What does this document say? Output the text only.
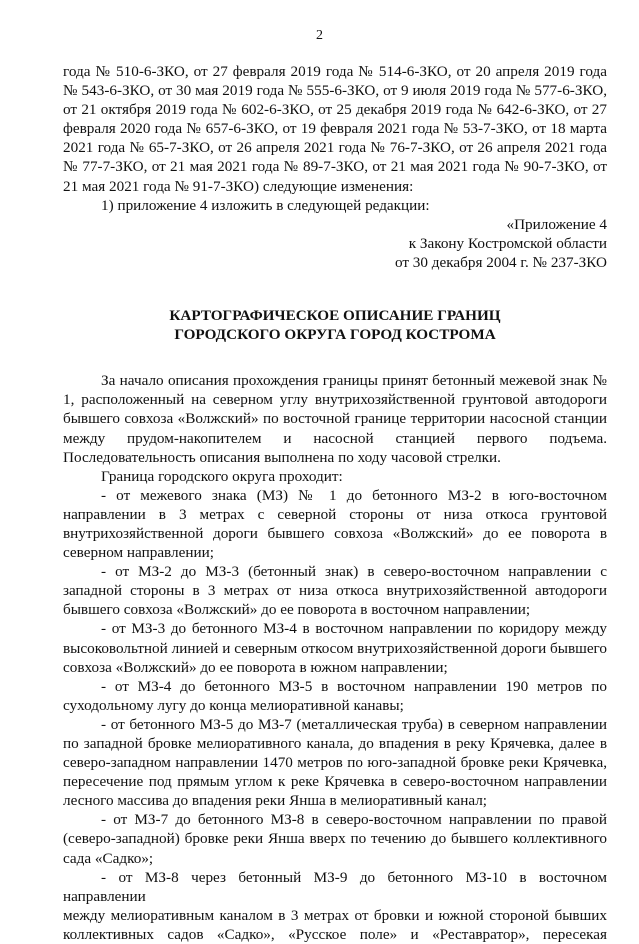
2

года № 510-6-ЗКО, от 27 февраля 2019 года № 514-6-ЗКО, от 20 апреля 2019 года

№ 543-6-ЗКО, от 30 мая 2019 года № 555-6-ЗКО, от 9 июля 2019 года № 577-6-ЗКО,

от 21 октября 2019 года № 602-6-ЗКО, от 25 декабря 2019 года № 642-6-ЗКО, от 27

февраля 2020 года № 657-6-ЗКО, от 19 февраля 2021 года № 53-7-ЗКО, от 18 марта

2021 года № 65-7-ЗКО, от 26 апреля 2021 года № 76-7-ЗКО, от 26 апреля 2021 года

№ 77-7-ЗКО, от 21 мая 2021 года № 89-7-ЗКО, от 21 мая 2021 года № 90-7-ЗКО, от

21 мая 2021 года № 91-7-ЗКО) следующие изменения:

1) приложение 4 изложить в следующей редакции:

«Приложение 4

к Закону Костромской области

от 30 декабря 2004 г. № 237-ЗКО

КАРТОГРАФИЧЕСКОЕ ОПИСАНИЕ ГРАНИЦ

ГОРОДСКОГО ОКРУГА ГОРОД КОСТРОМА

За начало описания прохождения границы принят бетонный межевой знак №

1, расположенный на северном углу внутрихозяйственной грунтовой автодороги

бывшего совхоза «Волжский» по восточной границе территории насосной станции

между прудом-накопителем и насосной станцией первого подъема.

Последовательность описания выполнена по ходу часовой стрелки.

Граница городского округа проходит:

- от межевого знака (МЗ) № 1 до бетонного МЗ-2 в юго-восточном

направлении в 3 метрах с северной стороны от низа откоса грунтовой

внутрихозяйственной дороги бывшего совхоза «Волжский» до ее поворота в

северном направлении;

- от МЗ-2 до МЗ-3 (бетонный знак) в северо-восточном направлении с

западной стороны в 3 метрах от низа откоса внутрихозяйственной автодороги

бывшего совхоза «Волжский» до ее поворота в восточном направлении;

- от МЗ-3 до бетонного МЗ-4 в восточном направлении по коридору между

высоковольтной линией и северным откосом внутрихозяйственной дороги бывшего

совхоза «Волжский» до ее поворота в южном направлении;

- от МЗ-4 до бетонного МЗ-5 в восточном направлении 190 метров по

суходольному лугу до конца мелиоративной канавы;

- от бетонного МЗ-5 до МЗ-7 (металлическая труба) в северном направлении

по западной бровке мелиоративного канала, до впадения в реку Крячевка, далее в

северо-западном направлении 1470 метров по юго-западной бровке реки Крячевка,

пересечение под прямым углом к реке Крячевка в северо-восточном направлении

лесного массива до впадения реки Янша в мелиоративный канал;

- от МЗ-7 до бетонного МЗ-8 в северо-восточном направлении по правой

(северо-западной) бровке реки Янша вверх по течению до бывшего коллективного

сада «Садко»;

- от МЗ-8 через бетонный МЗ-9 до бетонного МЗ-10 в восточном направлении

между мелиоративным каналом в 3 метрах от бровки и южной стороной бывших

коллективных садов «Садко», «Русское поле» и «Реставратор», пересекая
